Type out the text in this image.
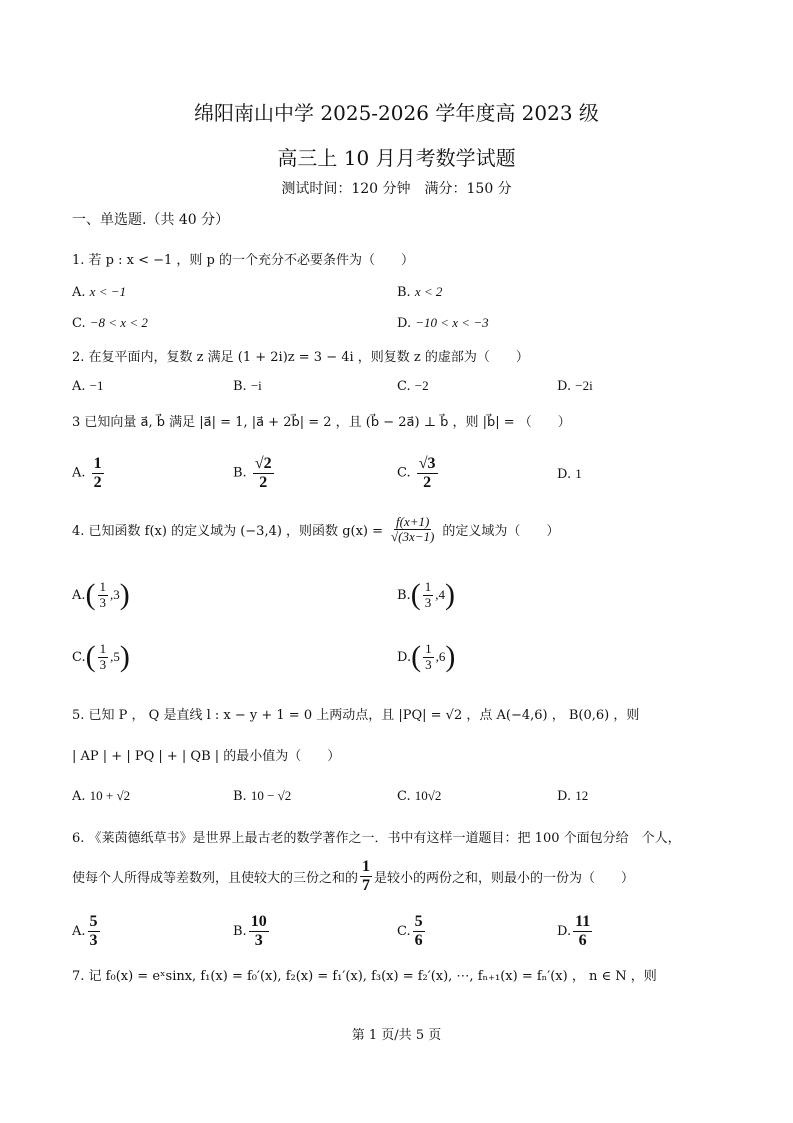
绵阳南山中学 2025-2026 学年度高 2023 级
高三上 10 月月考数学试题
测试时间：120 分钟　满分：150 分
一、单选题.（共 40 分）
1. 若 p : x < −1 ，则 p 的一个充分不必要条件为（　　）
A. x < −1	B. x < 2
C. −8 < x < 2	D. −10 < x < −3
2. 在复平面内，复数 z 满足 (1 + 2i)z = 3 − 4i ，则复数 z 的虚部为（　　）
A. −1	B. −i	C. −2	D. −2i
3 已知向量 a⃗, b⃗ 满足 |a⃗| = 1, |a⃗ + 2b⃗| = 2 ，且 (b⃗ − 2a⃗) ⊥ b⃗ ，则 |b⃗| = （　　）
A. $\frac{1}{2}$	B. $\frac{√2}{2}$	C. $\frac{√3}{2}$	D. 1
4. 已知函数 f(x) 的定义域为 (−3,4) ，则函数 $g(x) = \frac{f(x+1)}{√(3x-1)}$ 的定义域为（　　）
A. ( $\frac{1}{3} ,3$ )	B. ( $\frac{1}{3} ,4$ )
C. ( $\frac{1}{3} ,5$ )	D. ( $\frac{1}{3} ,6$ )
5. 已知 P ， Q 是直线 l : x − y + 1 = 0 上两动点，且 |PQ| = √2 ，点 A(−4,6) ， B(0,6) ，则
| AP | + | PQ | + | QB | 的最小值为（　　）
A. 10 + √2	B. 10 − √2	C. 10√2	D. 12
6. 《莱茵德纸草书》是世界上最古老的数学著作之一．书中有这样一道题目：把 100 个面包分给　个人，
使每个人所得成等差数列，且使较大的三份之和的 $\frac{1}{7}$ 是较小的两份之和，则最小的一份为（　　）
A. $\frac{5}{3}$	B. $\frac{10}{3}$	C. $\frac{5}{6}$	D. $\frac{11}{6}$
7. 记 f₀(x) = eˣsinx, f₁(x) = f₀′(x), f₂(x) = f₁′(x), f₃(x) = f₂′(x), ⋯, fₙ₊₁(x) = fₙ′(x) ， n ∈ N ，则
第 1 页/共 5 页
